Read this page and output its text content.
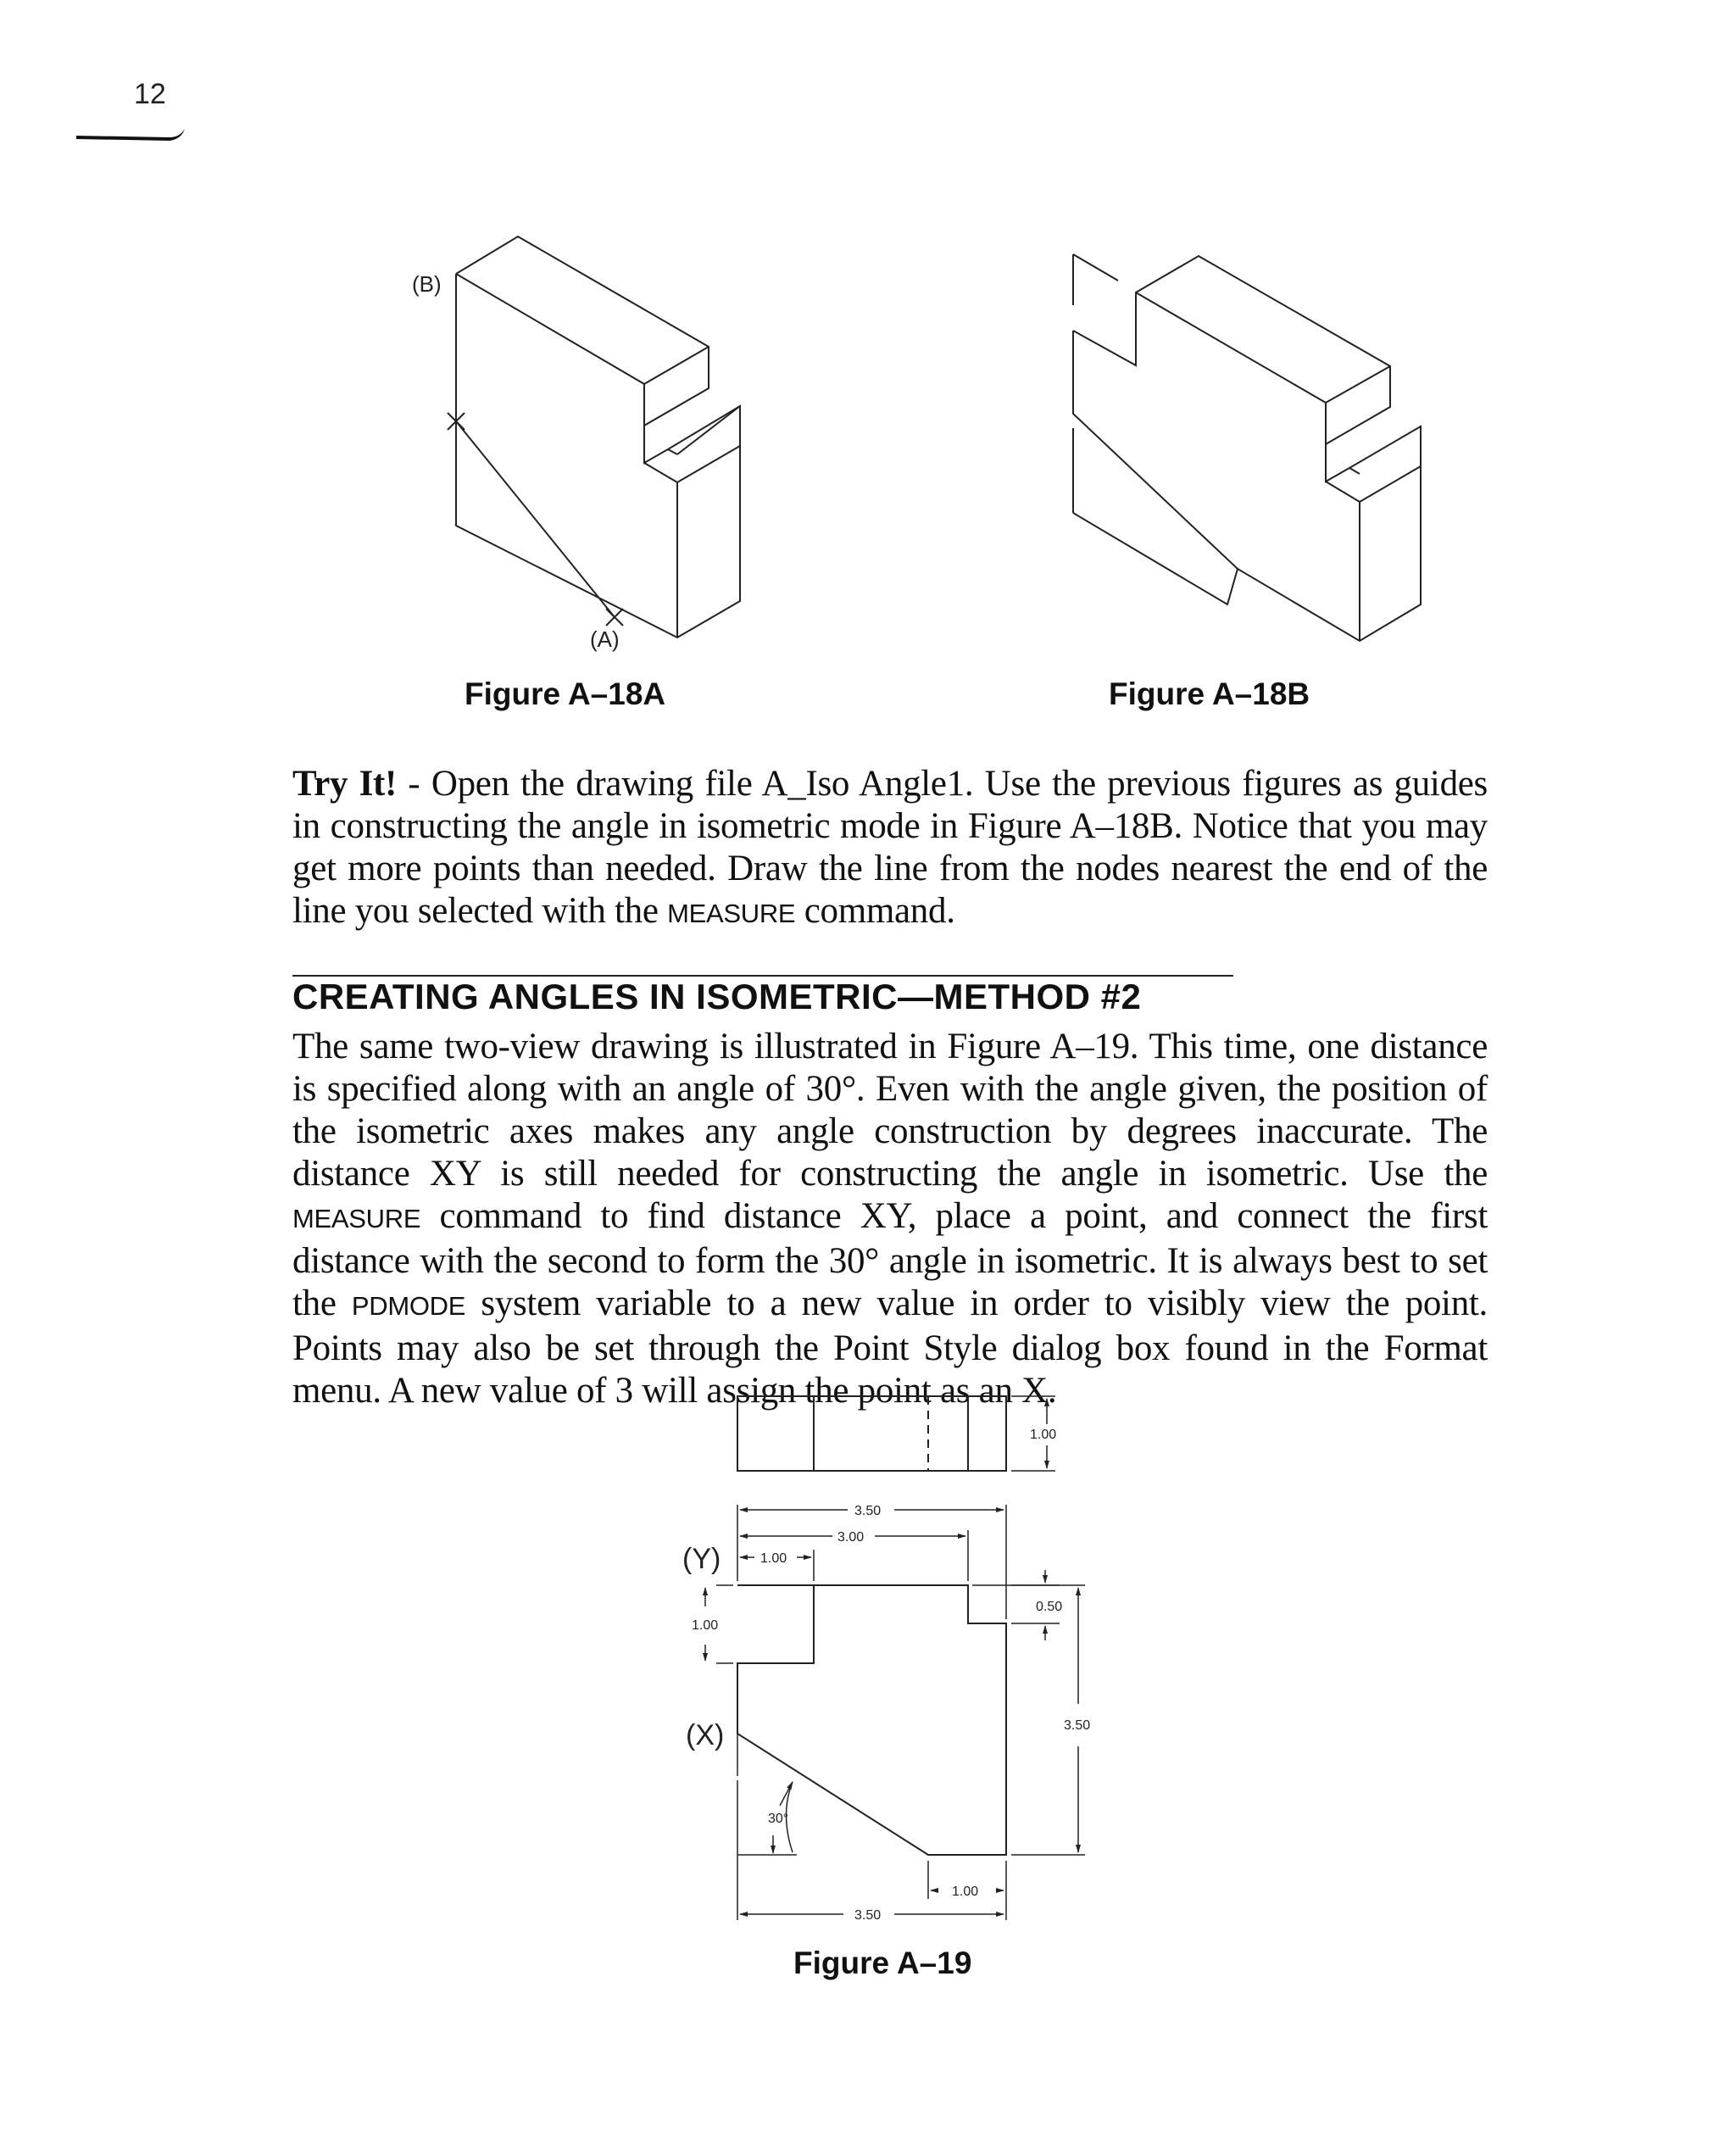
12
(B)
(A)
Figure A–18A	Figure A–18B
Try It! - Open the drawing file A_Iso Angle1. Use the previous figures as guides in constructing the angle in isometric mode in Figure A–18B. Notice that you may get more points than needed. Draw the line from the nodes nearest the end of the line you selected with the MEASURE command.
CREATING ANGLES IN ISOMETRIC—METHOD #2
The same two-view drawing is illustrated in Figure A–19. This time, one distance is specified along with an angle of 30°. Even with the angle given, the position of the isometric axes makes any angle construction by degrees inaccurate. The distance XY is still needed for constructing the angle in isometric. Use the MEASURE command to find distance XY, place a point, and connect the first distance with the second to form the 30° angle in isometric. It is always best to set the PDMODE system variable to a new value in order to visibly view the point. Points may also be set through the Point Style dialog box found in the Format menu. A new value of 3 will assign the point as an X.
1.00
3.50
3.00
1.00
0.50
1.00
3.50
30°
1.00
3.50
(Y)
(X)
Figure A–19
